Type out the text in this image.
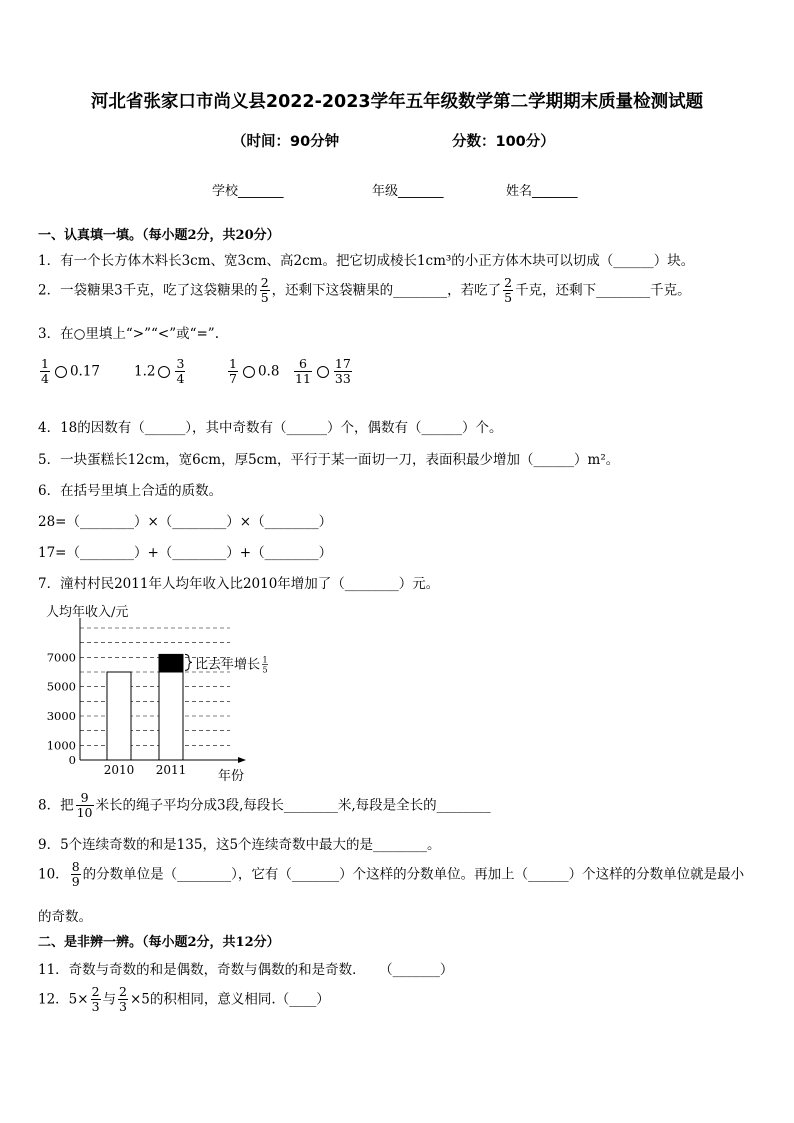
河北省张家口市尚义县2022-2023学年五年级数学第二学期期末质量检测试题
（时间：90分钟	分数：100分）
学校_______	年级_______	姓名_______
一、认真填一填。（每小题2分，共20分）
1．有一个长方体木料长3cm、宽3cm、高2cm。把它切成棱长1cm³的小正方体木块可以切成（______）块。
2．一袋糖果3千克，吃了这袋糖果的 $\frac{2}{5}$ ，还剩下这袋糖果的________，若吃了 $\frac{2}{5}$ 千克，还剩下________千克。
3．在○里填上“>”“<”或“=”.
$\frac{1}{4} 0.17$	$1.2 \frac{3}{4}$	$\frac{1}{7} 0.8 \frac{6}{11} \frac{17}{33}$
4．18的因数有（______），其中奇数有（______）个，偶数有（______）个。
5．一块蛋糕长12cm，宽6cm，厚5cm，平行于某一面切一刀，表面积最少增加（______）m²。
6．在括号里填上合适的质数。
28=（________）×（________）×（________）
17=（________）+（________）+（________）
7．潼村村民2011年人均年收入比2010年增加了（________）元。
人均年收入/元
0
1000
3000
5000
7000
2010 2011
比去年增长 1
5
年份
8．把 $\frac{9}{10}$ 米长的绳子平均分成3段,每段长________米,每段是全长的________
9．5个连续奇数的和是135，这5个连续奇数中最大的是________。
10． $\frac{8}{9}$ 的分数单位是（________），它有（_______）个这样的分数单位。再加上（______）个这样的分数单位就是最小
的奇数。
二、是非辨一辨。（每小题2分，共12分）
11．奇数与奇数的和是偶数，奇数与偶数的和是奇数．　　（_______）
12．$5\times \frac{2}{3}$ 与 $\frac{2}{3} \times 5$的积相同，意义相同.（____）
